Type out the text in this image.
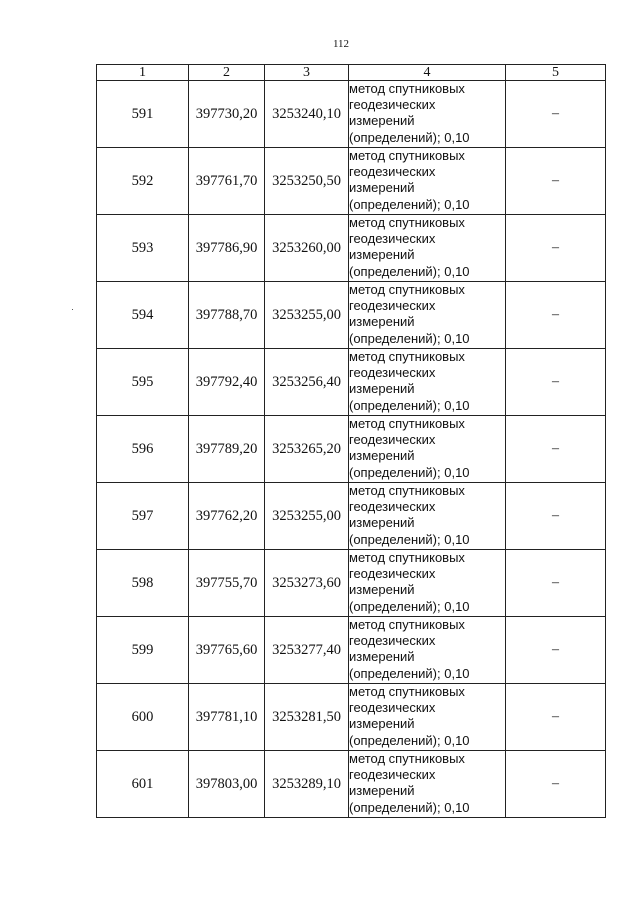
112
1	2	3	4	5
591	397730,20	3253240,10	метод спутниковых
геодезических
измерений
(определений); 0,10	–
592	397761,70	3253250,50	метод спутниковых
геодезических
измерений
(определений); 0,10	–
593	397786,90	3253260,00	метод спутниковых
геодезических
измерений
(определений); 0,10	–
594	397788,70	3253255,00	метод спутниковых
геодезических
измерений
(определений); 0,10	–
595	397792,40	3253256,40	метод спутниковых
геодезических
измерений
(определений); 0,10	–
596	397789,20	3253265,20	метод спутниковых
геодезических
измерений
(определений); 0,10	–
597	397762,20	3253255,00	метод спутниковых
геодезических
измерений
(определений); 0,10	–
598	397755,70	3253273,60	метод спутниковых
геодезических
измерений
(определений); 0,10	–
599	397765,60	3253277,40	метод спутниковых
геодезических
измерений
(определений); 0,10	–
600	397781,10	3253281,50	метод спутниковых
геодезических
измерений
(определений); 0,10	–
601	397803,00	3253289,10	метод спутниковых
геодезических
измерений
(определений); 0,10	–
